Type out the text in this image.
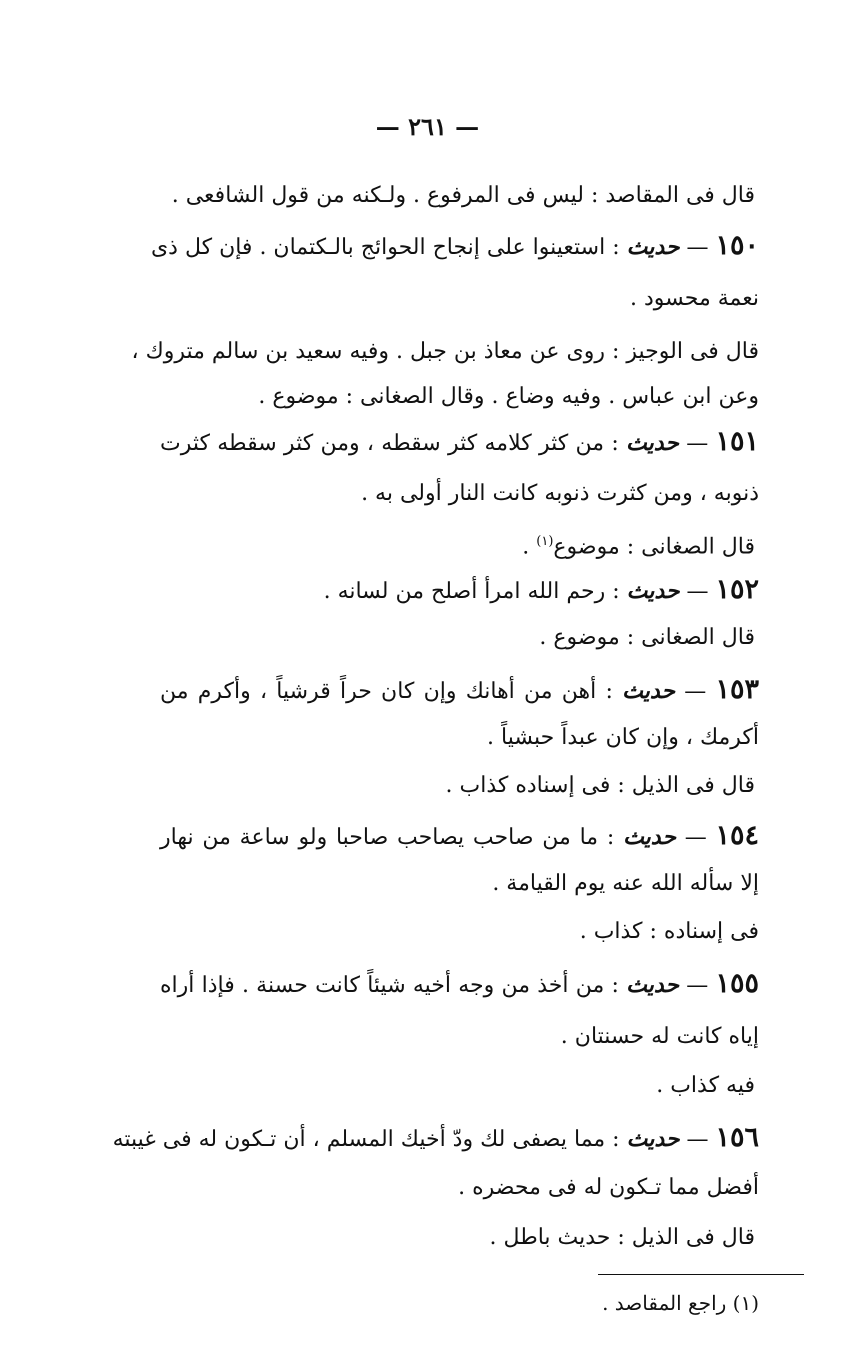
— ٢٦١ —
قال فى المقاصد : ليس فى المرفوع . ولـكنه من قول الشافعى .
١٥٠ — حديث : استعينوا على إنجاح الحوائج بالـكتمان . فإن كل ذى
نعمة محسود .
قال فى الوجيز : روى عن معاذ بن جبل . وفيه سعيد بن سالم متروك ،
وعن ابن عباس . وفيه وضاع . وقال الصغانى : موضوع .
١٥١ — حديث : من كثر كلامه كثر سقطه ، ومن كثر سقطه كثرت
ذنوبه ، ومن كثرت ذنوبه كانت النار أولى به .
قال الصغانى : موضوع$^{(١)}$ .
١٥٢ — حديث : رحم الله امرأ أصلح من لسانه .
قال الصغانى : موضوع .
١٥٣ — حديث : أهن من أهانك وإن كان حراً قرشياً ، وأكرم من
أكرمك ، وإن كان عبداً حبشياً .
قال فى الذيل : فى إسناده كذاب .
١٥٤ — حديث : ما من صاحب يصاحب صاحبا ولو ساعة من نهار
إلا سأله الله عنه يوم القيامة .
فى إسناده : كذاب .
١٥٥ — حديث : من أخذ من وجه أخيه شيئاً كانت حسنة . فإذا أراه
إياه كانت له حسنتان .
فيه كذاب .
١٥٦ — حديث : مما يصفى لك ودّ أخيك المسلم ، أن تـكون له فى غيبته
أفضل مما تـكون له فى محضره .
قال فى الذيل : حديث باطل .
(١) راجع المقاصد .
